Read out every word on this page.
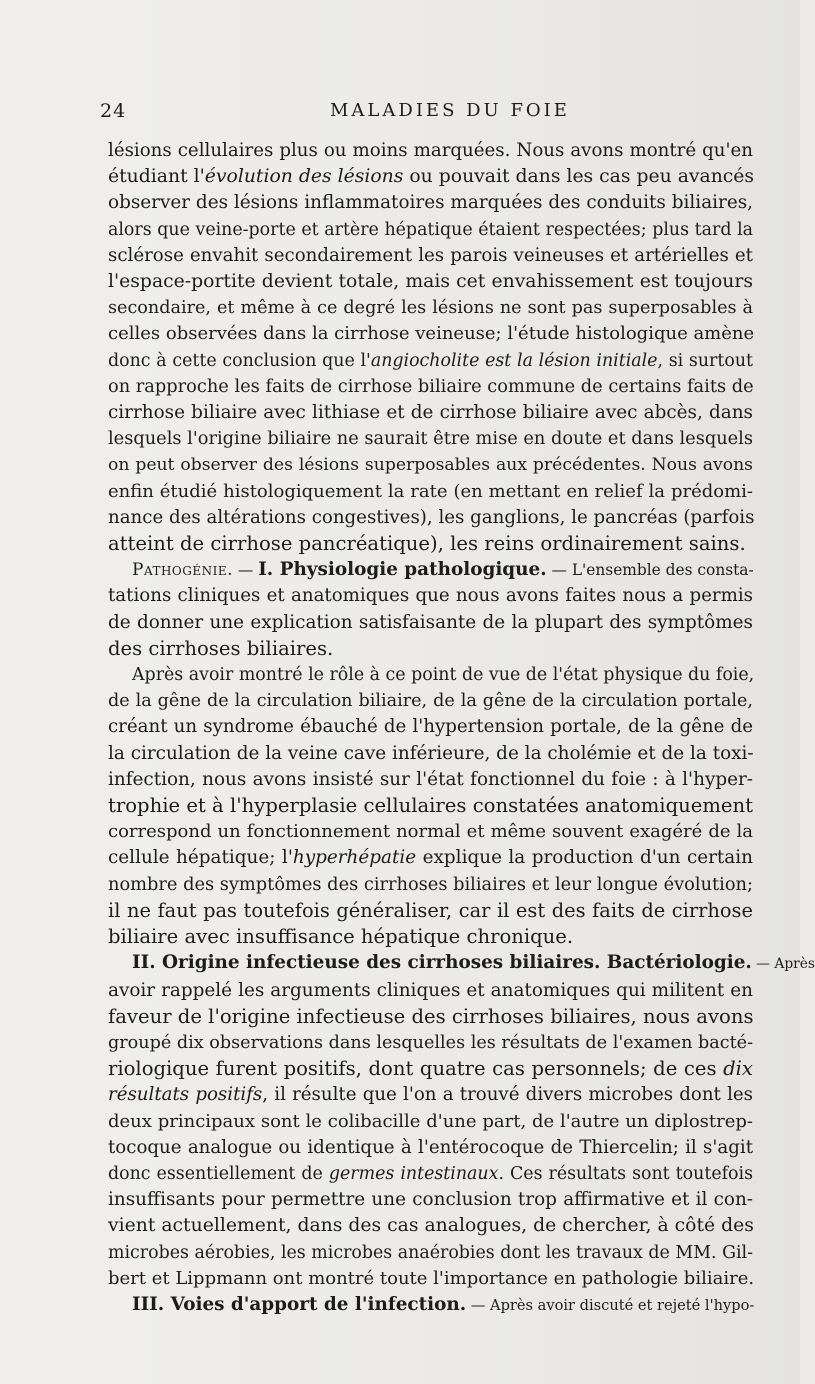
24	MALADIES DU FOIE
lésions cellulaires plus ou moins marquées. Nous avons montré qu'en
étudiant l'évolution des lésions ou pouvait dans les cas peu avancés
observer des lésions inflammatoires marquées des conduits biliaires,
alors que veine-porte et artère hépatique étaient respectées; plus tard la
sclérose envahit secondairement les parois veineuses et artérielles et
l'espace-portite devient totale, mais cet envahissement est toujours
secondaire, et même à ce degré les lésions ne sont pas superposables à
celles observées dans la cirrhose veineuse; l'étude histologique amène
donc à cette conclusion que l'angiocholite est la lésion initiale, si surtout
on rapproche les faits de cirrhose biliaire commune de certains faits de
cirrhose biliaire avec lithiase et de cirrhose biliaire avec abcès, dans
lesquels l'origine biliaire ne saurait être mise en doute et dans lesquels
on peut observer des lésions superposables aux précédentes. Nous avons
enfin étudié histologiquement la rate (en mettant en relief la prédomi-
nance des altérations congestives), les ganglions, le pancréas (parfois
atteint de cirrhose pancréatique), les reins ordinairement sains.
Pathogénie. — I. Physiologie pathologique. — L'ensemble des consta-
tations cliniques et anatomiques que nous avons faites nous a permis
de donner une explication satisfaisante de la plupart des symptômes
des cirrhoses biliaires.
Après avoir montré le rôle à ce point de vue de l'état physique du foie,
de la gêne de la circulation biliaire, de la gêne de la circulation portale,
créant un syndrome ébauché de l'hypertension portale, de la gêne de
la circulation de la veine cave inférieure, de la cholémie et de la toxi-
infection, nous avons insisté sur l'état fonctionnel du foie : à l'hyper-
trophie et à l'hyperplasie cellulaires constatées anatomiquement
correspond un fonctionnement normal et même souvent exagéré de la
cellule hépatique; l'hyperhépatie explique la production d'un certain
nombre des symptômes des cirrhoses biliaires et leur longue évolution;
il ne faut pas toutefois généraliser, car il est des faits de cirrhose
biliaire avec insuffisance hépatique chronique.
II. Origine infectieuse des cirrhoses biliaires. Bactériologie. — Après
avoir rappelé les arguments cliniques et anatomiques qui militent en
faveur de l'origine infectieuse des cirrhoses biliaires, nous avons
groupé dix observations dans lesquelles les résultats de l'examen bacté-
riologique furent positifs, dont quatre cas personnels; de ces dix
résultats positifs, il résulte que l'on a trouvé divers microbes dont les
deux principaux sont le colibacille d'une part, de l'autre un diplostrep-
tocoque analogue ou identique à l'entérocoque de Thiercelin; il s'agit
donc essentiellement de germes intestinaux. Ces résultats sont toutefois
insuffisants pour permettre une conclusion trop affirmative et il con-
vient actuellement, dans des cas analogues, de chercher, à côté des
microbes aérobies, les microbes anaérobies dont les travaux de MM. Gil-
bert et Lippmann ont montré toute l'importance en pathologie biliaire.
III. Voies d'apport de l'infection. — Après avoir discuté et rejeté l'hypo-
